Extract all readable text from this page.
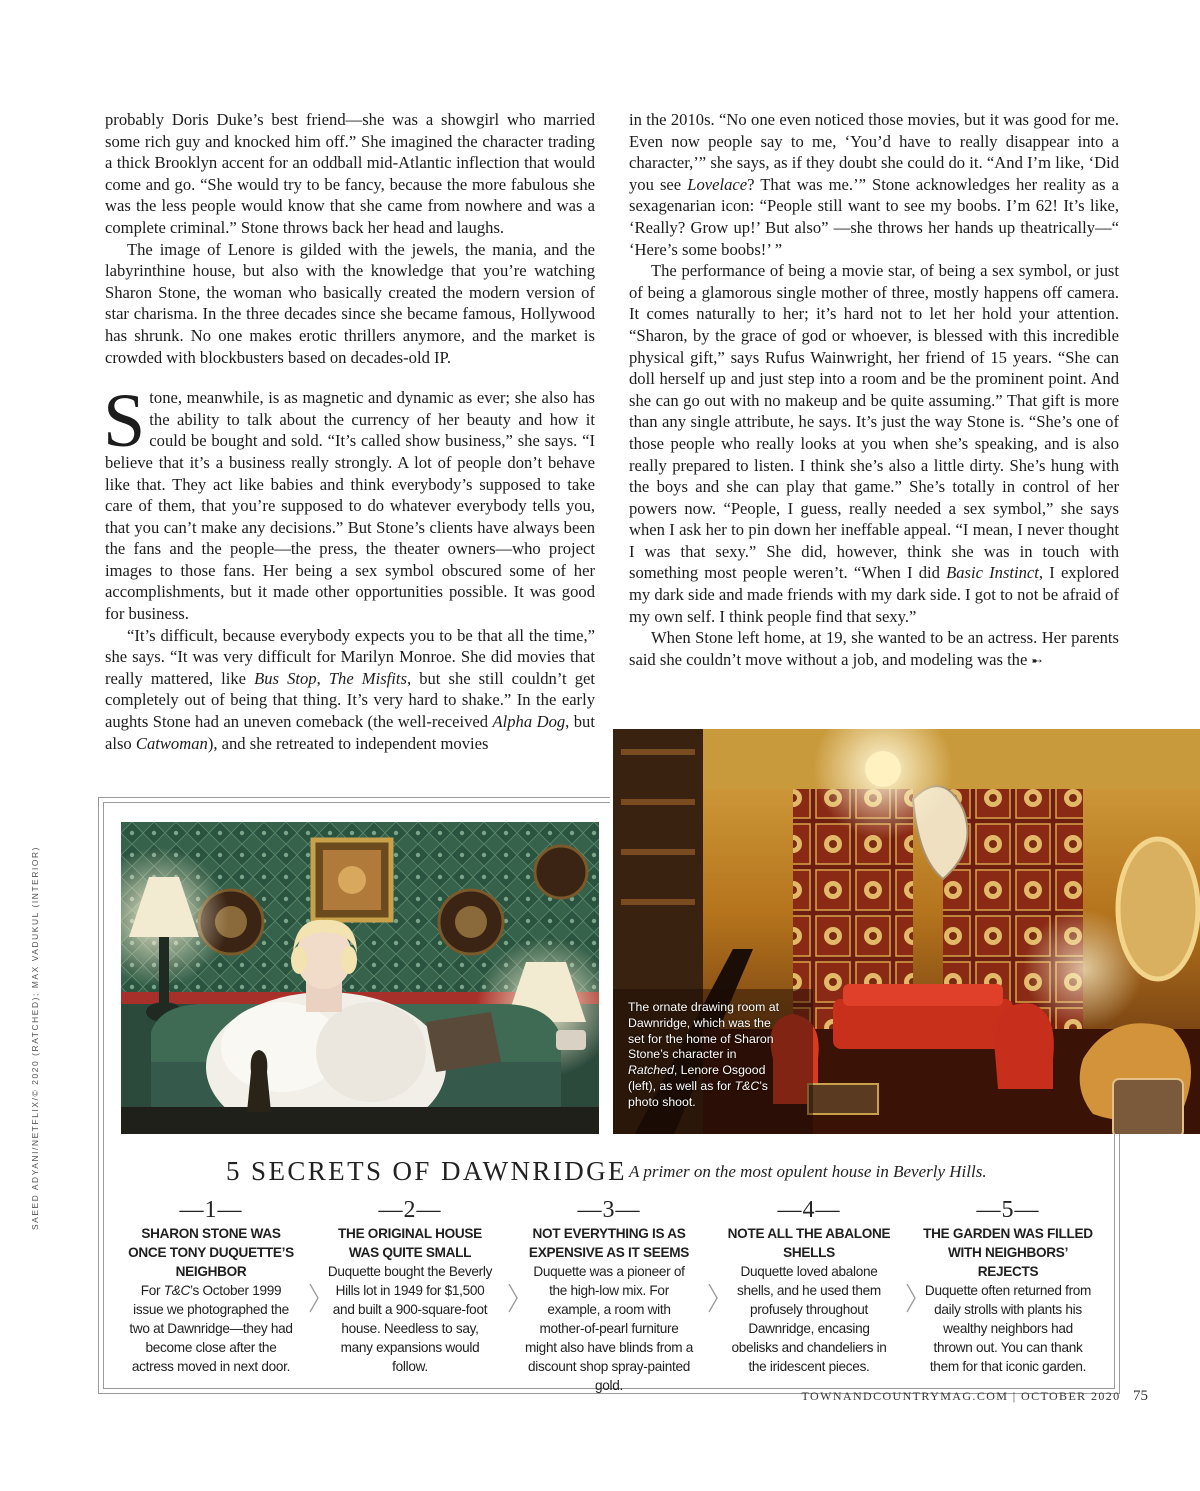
probably Doris Duke’s best friend—she was a showgirl who married some rich guy and knocked him off.” She imagined the character trading a thick Brooklyn accent for an oddball mid-Atlantic inflection that would come and go. “She would try to be fancy, because the more fabulous she was the less people would know that she came from nowhere and was a complete criminal.” Stone throws back her head and laughs.

The image of Lenore is gilded with the jewels, the mania, and the labyrinthine house, but also with the knowledge that you’re watching Sharon Stone, the woman who basically created the modern version of star charisma. In the three decades since she became famous, Hollywood has shrunk. No one makes erotic thrillers anymore, and the market is crowded with blockbusters based on decades-old IP.

Stone, meanwhile, is as magnetic and dynamic as ever; she also has the ability to talk about the currency of her beauty and how it could be bought and sold. “It’s called show business,” she says. “I believe that it’s a business really strongly. A lot of people don’t behave like that. They act like babies and think everybody’s supposed to take care of them, that you’re supposed to do whatever everybody tells you, that you can’t make any decisions.” But Stone’s clients have always been the fans and the people—the press, the theater owners—who project images to those fans. Her being a sex symbol obscured some of her accomplishments, but it made other opportunities possible. It was good for business.

“It’s difficult, because everybody expects you to be that all the time,” she says. “It was very difficult for Marilyn Monroe. She did movies that really mattered, like Bus Stop, The Misfits, but she still couldn’t get completely out of being that thing. It’s very hard to shake.” In the early aughts Stone had an uneven comeback (the well-received Alpha Dog, but also Catwoman), and she retreated to independent movies

in the 2010s. “No one even noticed those movies, but it was good for me. Even now people say to me, ‘You’d have to really disappear into a character,’” she says, as if they doubt she could do it. “And I’m like, ‘Did you see Lovelace? That was me.’” Stone acknowledges her reality as a sexagenarian icon: “People still want to see my boobs. I’m 62! It’s like, ‘Really? Grow up!’ But also” —she throws her hands up theatrically—“ ‘Here’s some boobs!’ ”

The performance of being a movie star, of being a sex symbol, or just of being a glamorous single mother of three, mostly happens off camera. It comes naturally to her; it’s hard not to let her hold your attention. “Sharon, by the grace of god or whoever, is blessed with this incredible physical gift,” says Rufus Wainwright, her friend of 15 years. “She can doll herself up and just step into a room and be the prominent point. And she can go out with no makeup and be quite assuming.” That gift is more than any single attribute, he says. It’s just the way Stone is. “She’s one of those people who really looks at you when she’s speaking, and is also really prepared to listen. I think she’s also a little dirty. She’s hung with the boys and she can play that game.” She’s totally in control of her powers now. “People, I guess, really needed a sex symbol,” she says when I ask her to pin down her ineffable appeal. “I mean, I never thought I was that sexy.” She did, however, think she was in touch with something most people weren’t. “When I did Basic Instinct, I explored my dark side and made friends with my dark side. I got to not be afraid of my own self. I think people find that sexy.”

When Stone left home, at 19, she wanted to be an actress. Her parents said she couldn’t move without a job, and modeling was the ➸

The ornate drawing room at Dawnridge, which was the set for the home of Sharon Stone’s character in Ratched, Lenore Osgood (left), as well as for T&C’s photo shoot.
5 SECRETS OF DAWNRIDGE A primer on the most opulent house in Beverly Hills.
—1—
SHARON STONE WAS ONCE TONY DUQUETTE’S NEIGHBOR
For T&C’s October 1999 issue we photographed the two at Dawnridge—they had become close after the actress moved in next door.
—2—
THE ORIGINAL HOUSE WAS QUITE SMALL
Duquette bought the Beverly Hills lot in 1949 for $1,500 and built a 900-square-foot house. Needless to say, many expansions would follow.
—3—
NOT EVERYTHING IS AS EXPENSIVE AS IT SEEMS
Duquette was a pioneer of the high-low mix. For example, a room with mother-of-pearl furniture might also have blinds from a discount shop spray-painted gold.
—4—
NOTE ALL THE ABALONE SHELLS
Duquette loved abalone shells, and he used them profusely throughout Dawnridge, encasing obelisks and chandeliers in the iridescent pieces.
—5—
THE GARDEN WAS FILLED WITH NEIGHBORS’ REJECTS
Duquette often returned from daily strolls with plants his wealthy neighbors had thrown out. You can thank them for that iconic garden.
SAEED ADYANI/NETFLIX/© 2020 (RATCHED); MAX VADUKUL (INTERIOR)
TOWNANDCOUNTRYMAG.COM | OCTOBER 2020 75
